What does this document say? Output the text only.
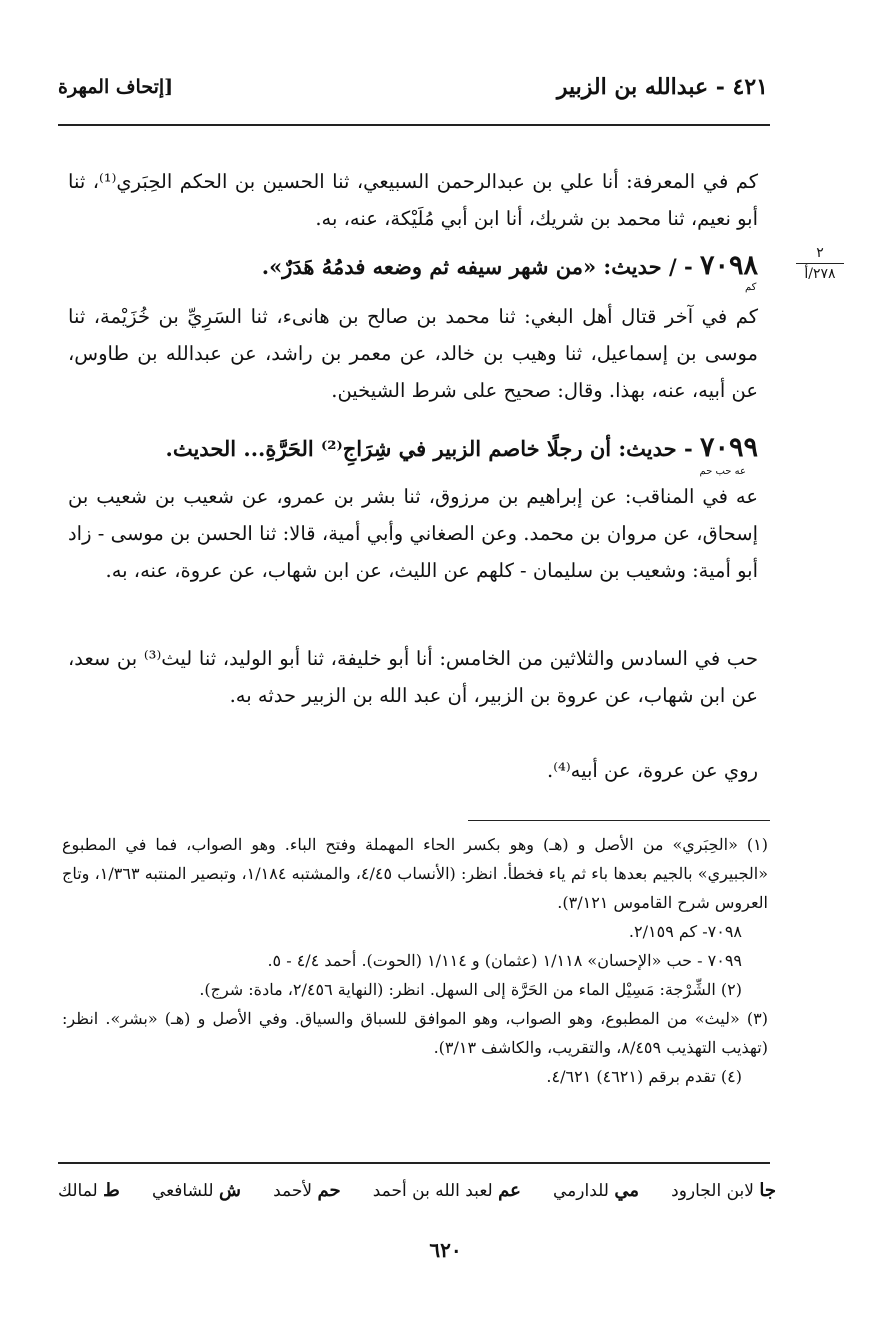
٤٢١ - عبدالله بن الزبير
[إتحاف المهرة
٢
٢٧٨/أ
كم في المعرفة: أنا علي بن عبدالرحمن السبيعي، ثنا الحسين بن الحكم الحِبَري⁽¹⁾، ثنا أبو نعيم، ثنا محمد بن شريك، أنا ابن أبي مُلَيْكة، عنه، به.
٧٠٩٨ - / حديث: «من شهر سيفه ثم وضعه فدمُهُ هَدَرٌ».
كم
كم في آخر قتال أهل البغي: ثنا محمد بن صالح بن هانىء، ثنا السَرِيِّ بن خُزَيْمة، ثنا موسى بن إسماعيل، ثنا وهيب بن خالد، عن معمر بن راشد، عن عبدالله بن طاوس، عن أبيه، عنه، بهذا. وقال: صحيح على شرط الشيخين.
٧٠٩٩ - حديث: أن رجلًا خاصم الزبير في شِرَاجِ⁽²⁾ الحَرَّةِ... الحديث.
عه حب حم
عه في المناقب: عن إبراهيم بن مرزوق، ثنا بشر بن عمرو، عن شعيب بن شعيب بن إسحاق، عن مروان بن محمد. وعن الصغاني وأبي أمية، قالا: ثنا الحسن بن موسى - زاد أبو أمية: وشعيب بن سليمان - كلهم عن الليث، عن ابن شهاب، عن عروة، عنه، به.
حب في السادس والثلاثين من الخامس: أنا أبو خليفة، ثنا أبو الوليد، ثنا ليث⁽³⁾ بن سعد، عن ابن شهاب، عن عروة بن الزبير، أن عبد الله بن الزبير حدثه به.
روي عن عروة، عن أبيه⁽⁴⁾.
(١) «الحِبَري» من الأصل و (هـ) وهو بكسر الحاء المهملة وفتح الباء. وهو الصواب، فما في المطبوع «الجبيري» بالجيم بعدها باء ثم ياء فخطأ. انظر: (الأنساب ٤/٤٥، والمشتبه ١/١٨٤، وتبصير المنتبه ١/٣٦٣، وتاج العروس شرح القاموس ٣/١٢١).
٧٠٩٨- كم ٢/١٥٩.
٧٠٩٩ - حب «الإحسان» ١/١١٨ (عثمان) و ١/١١٤ (الحوت). أحمد ٤/٤ - ٥.
(٢) الشِّرْجة: مَسِيْل الماء من الحَرَّة إلى السهل. انظر: (النهاية ٢/٤٥٦، مادة: شرج).
(٣) «ليث» من المطبوع، وهو الصواب، وهو الموافق للسباق والسياق. وفي الأصل و (هـ) «بشر». انظر: (تهذيب التهذيب ٨/٤٥٩، والتقريب، والكاشف ٣/١٣).
(٤) تقدم برقم (٤٦٢١) ٤/٦٢١.
ط لمالك	ش للشافعي	حم لأحمد	عم لعبد الله بن أحمد	مي للدارمي	جا لابن الجارود
٦٢٠
